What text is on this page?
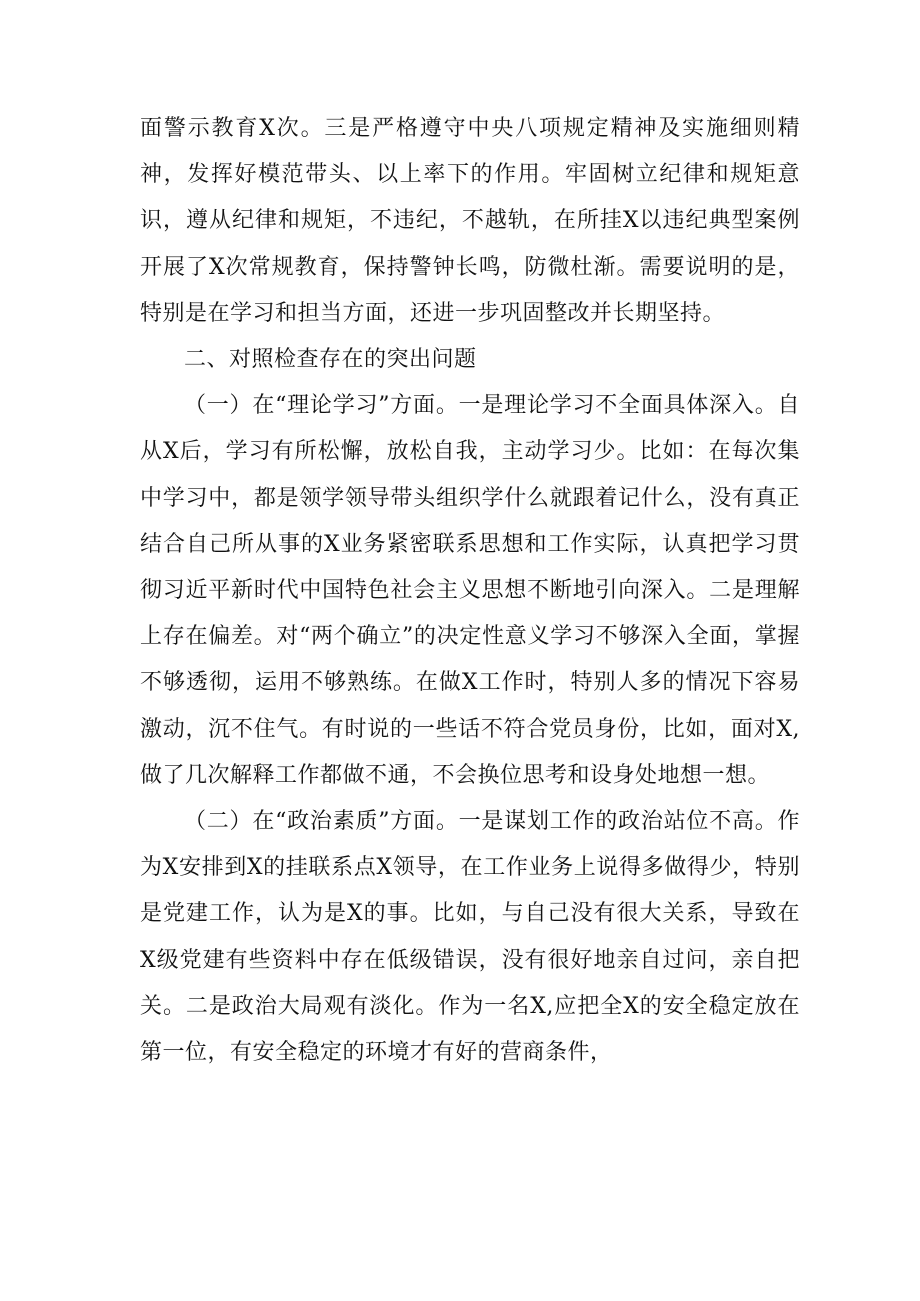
面警示教育X次。三是严格遵守中央八项规定精神及实施细则精神，发挥好模范带头、以上率下的作用。牢固树立纪律和规矩意识，遵从纪律和规矩，不违纪，不越轨，在所挂X以违纪典型案例开展了X次常规教育，保持警钟长鸣，防微杜渐。需要说明的是，特别是在学习和担当方面，还进一步巩固整改并长期坚持。

二、对照检查存在的突出问题

（一）在“理论学习”方面。一是理论学习不全面具体深入。自从X后，学习有所松懈，放松自我，主动学习少。比如：在每次集中学习中，都是领学领导带头组织学什么就跟着记什么，没有真正结合自己所从事的X业务紧密联系思想和工作实际，认真把学习贯彻习近平新时代中国特色社会主义思想不断地引向深入。二是理解上存在偏差。对“两个确立”的决定性意义学习不够深入全面，掌握不够透彻，运用不够熟练。在做X工作时，特别人多的情况下容易激动，沉不住气。有时说的一些话不符合党员身份，比如，面对X,做了几次解释工作都做不通，不会换位思考和设身处地想一想。

（二）在“政治素质”方面。一是谋划工作的政治站位不高。作为X安排到X的挂联系点X领导，在工作业务上说得多做得少，特别是党建工作，认为是X的事。比如，与自己没有很大关系，导致在X级党建有些资料中存在低级错误，没有很好地亲自过问，亲自把关。二是政治大局观有淡化。作为一名X,应把全X的安全稳定放在第一位，有安全稳定的环境才有好的营商条件，
